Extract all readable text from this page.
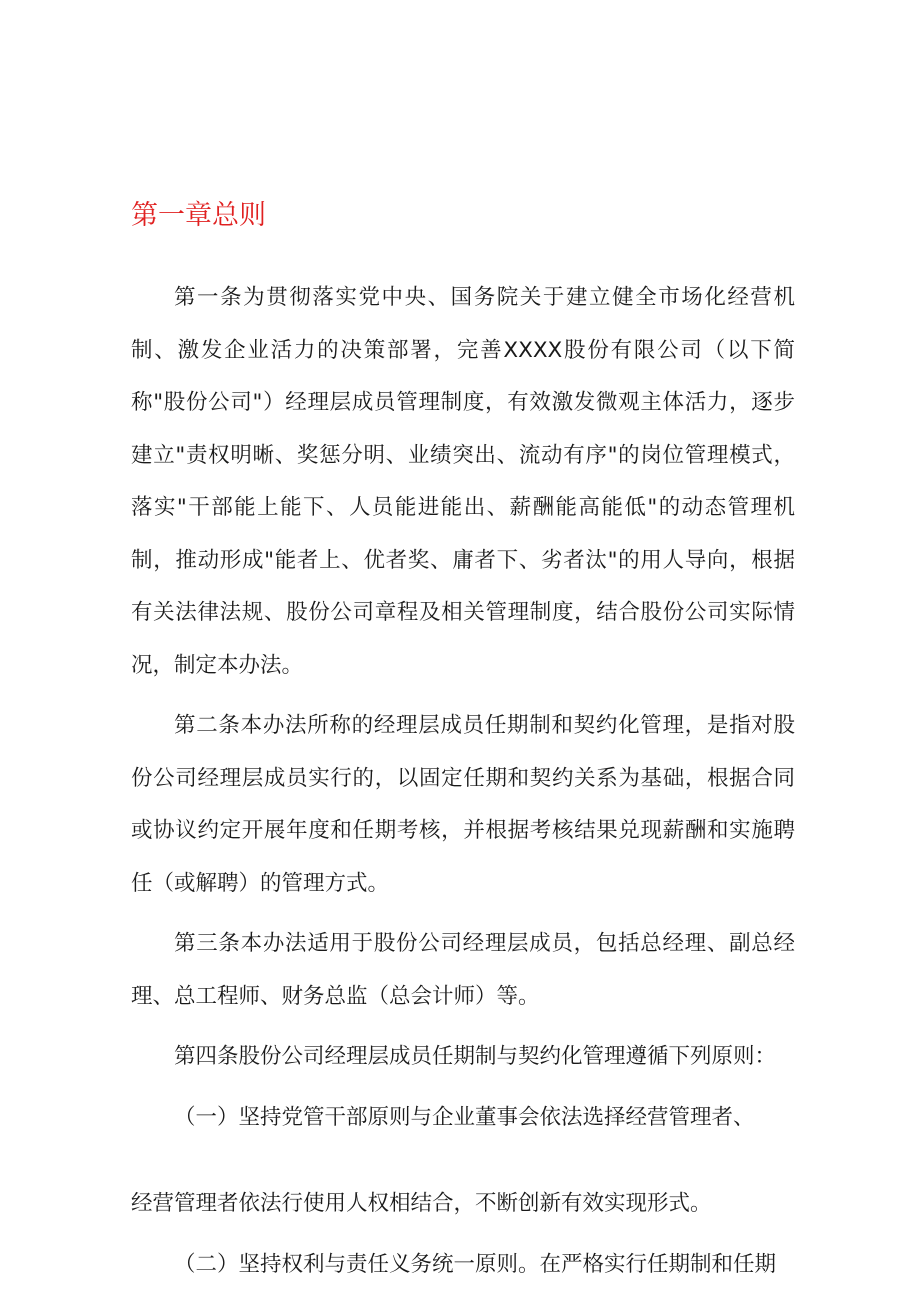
第一章总则

第一条为贯彻落实党中央、国务院关于建立健全市场化经营机制、激发企业活力的决策部署，完善XXXX股份有限公司（以下简称"股份公司"）经理层成员管理制度，有效激发微观主体活力，逐步建立"责权明晰、奖惩分明、业绩突出、流动有序"的岗位管理模式，落实"干部能上能下、人员能进能出、薪酬能高能低"的动态管理机制，推动形成"能者上、优者奖、庸者下、劣者汰"的用人导向，根据有关法律法规、股份公司章程及相关管理制度，结合股份公司实际情况，制定本办法。

第二条本办法所称的经理层成员任期制和契约化管理，是指对股份公司经理层成员实行的，以固定任期和契约关系为基础，根据合同或协议约定开展年度和任期考核，并根据考核结果兑现薪酬和实施聘任（或解聘）的管理方式。

第三条本办法适用于股份公司经理层成员，包括总经理、副总经理、总工程师、财务总监（总会计师）等。

第四条股份公司经理层成员任期制与契约化管理遵循下列原则：

（一）坚持党管干部原则与企业董事会依法选择经营管理者、

经营管理者依法行使用人权相结合，不断创新有效实现形式。

（二）坚持权利与责任义务统一原则。在严格实行任期制和任期
